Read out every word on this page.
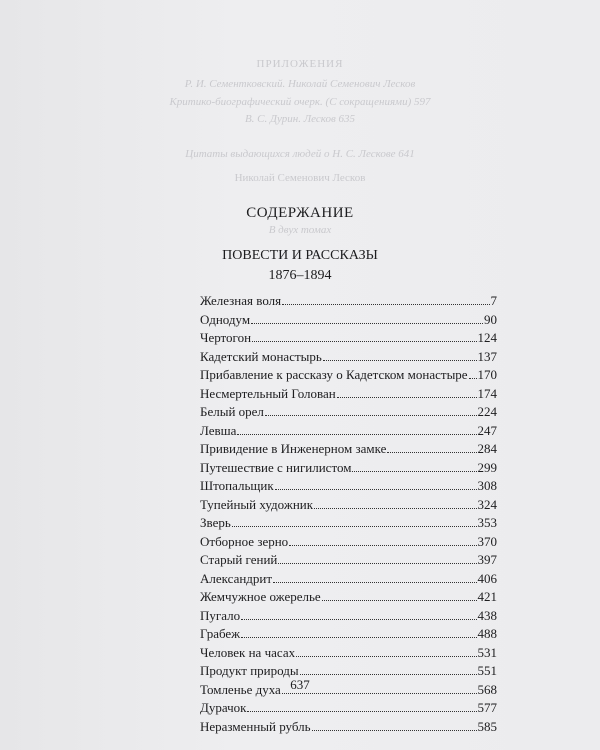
ПРИЛОЖЕНИЯ
Р. И. Сементковский. Николай Семенович Лесков
Критико-биографический очерк. (С сокращениями) 597
В. С. Дурин. Лесков 635
Цитаты выдающихся людей о Н. С. Лескове 641
Николай Семенович Лесков
В двух томах
СОДЕРЖАНИЕ
ПОВЕСТИ И РАССКАЗЫ
1876–1894
Железная воля	7
Однодум	90
Чертогон	124
Кадетский монастырь	137
Прибавление к рассказу о Кадетском монастыре 170
Несмертельный Голован	174
Белый орел	224
Левша	247
Привидение в Инженерном замке	284
Путешествие с нигилистом	299
Штопальщик	308
Тупейный художник	324
Зверь	353
Отборное зерно	370
Старый гений	397
Александрит	406
Жемчужное ожерелье	421
Пугало	438
Грабеж	488
Человек на часах	531
Продукт природы	551
Томленье духа	568
Дурачок	577
Неразменный рубль	585
637
